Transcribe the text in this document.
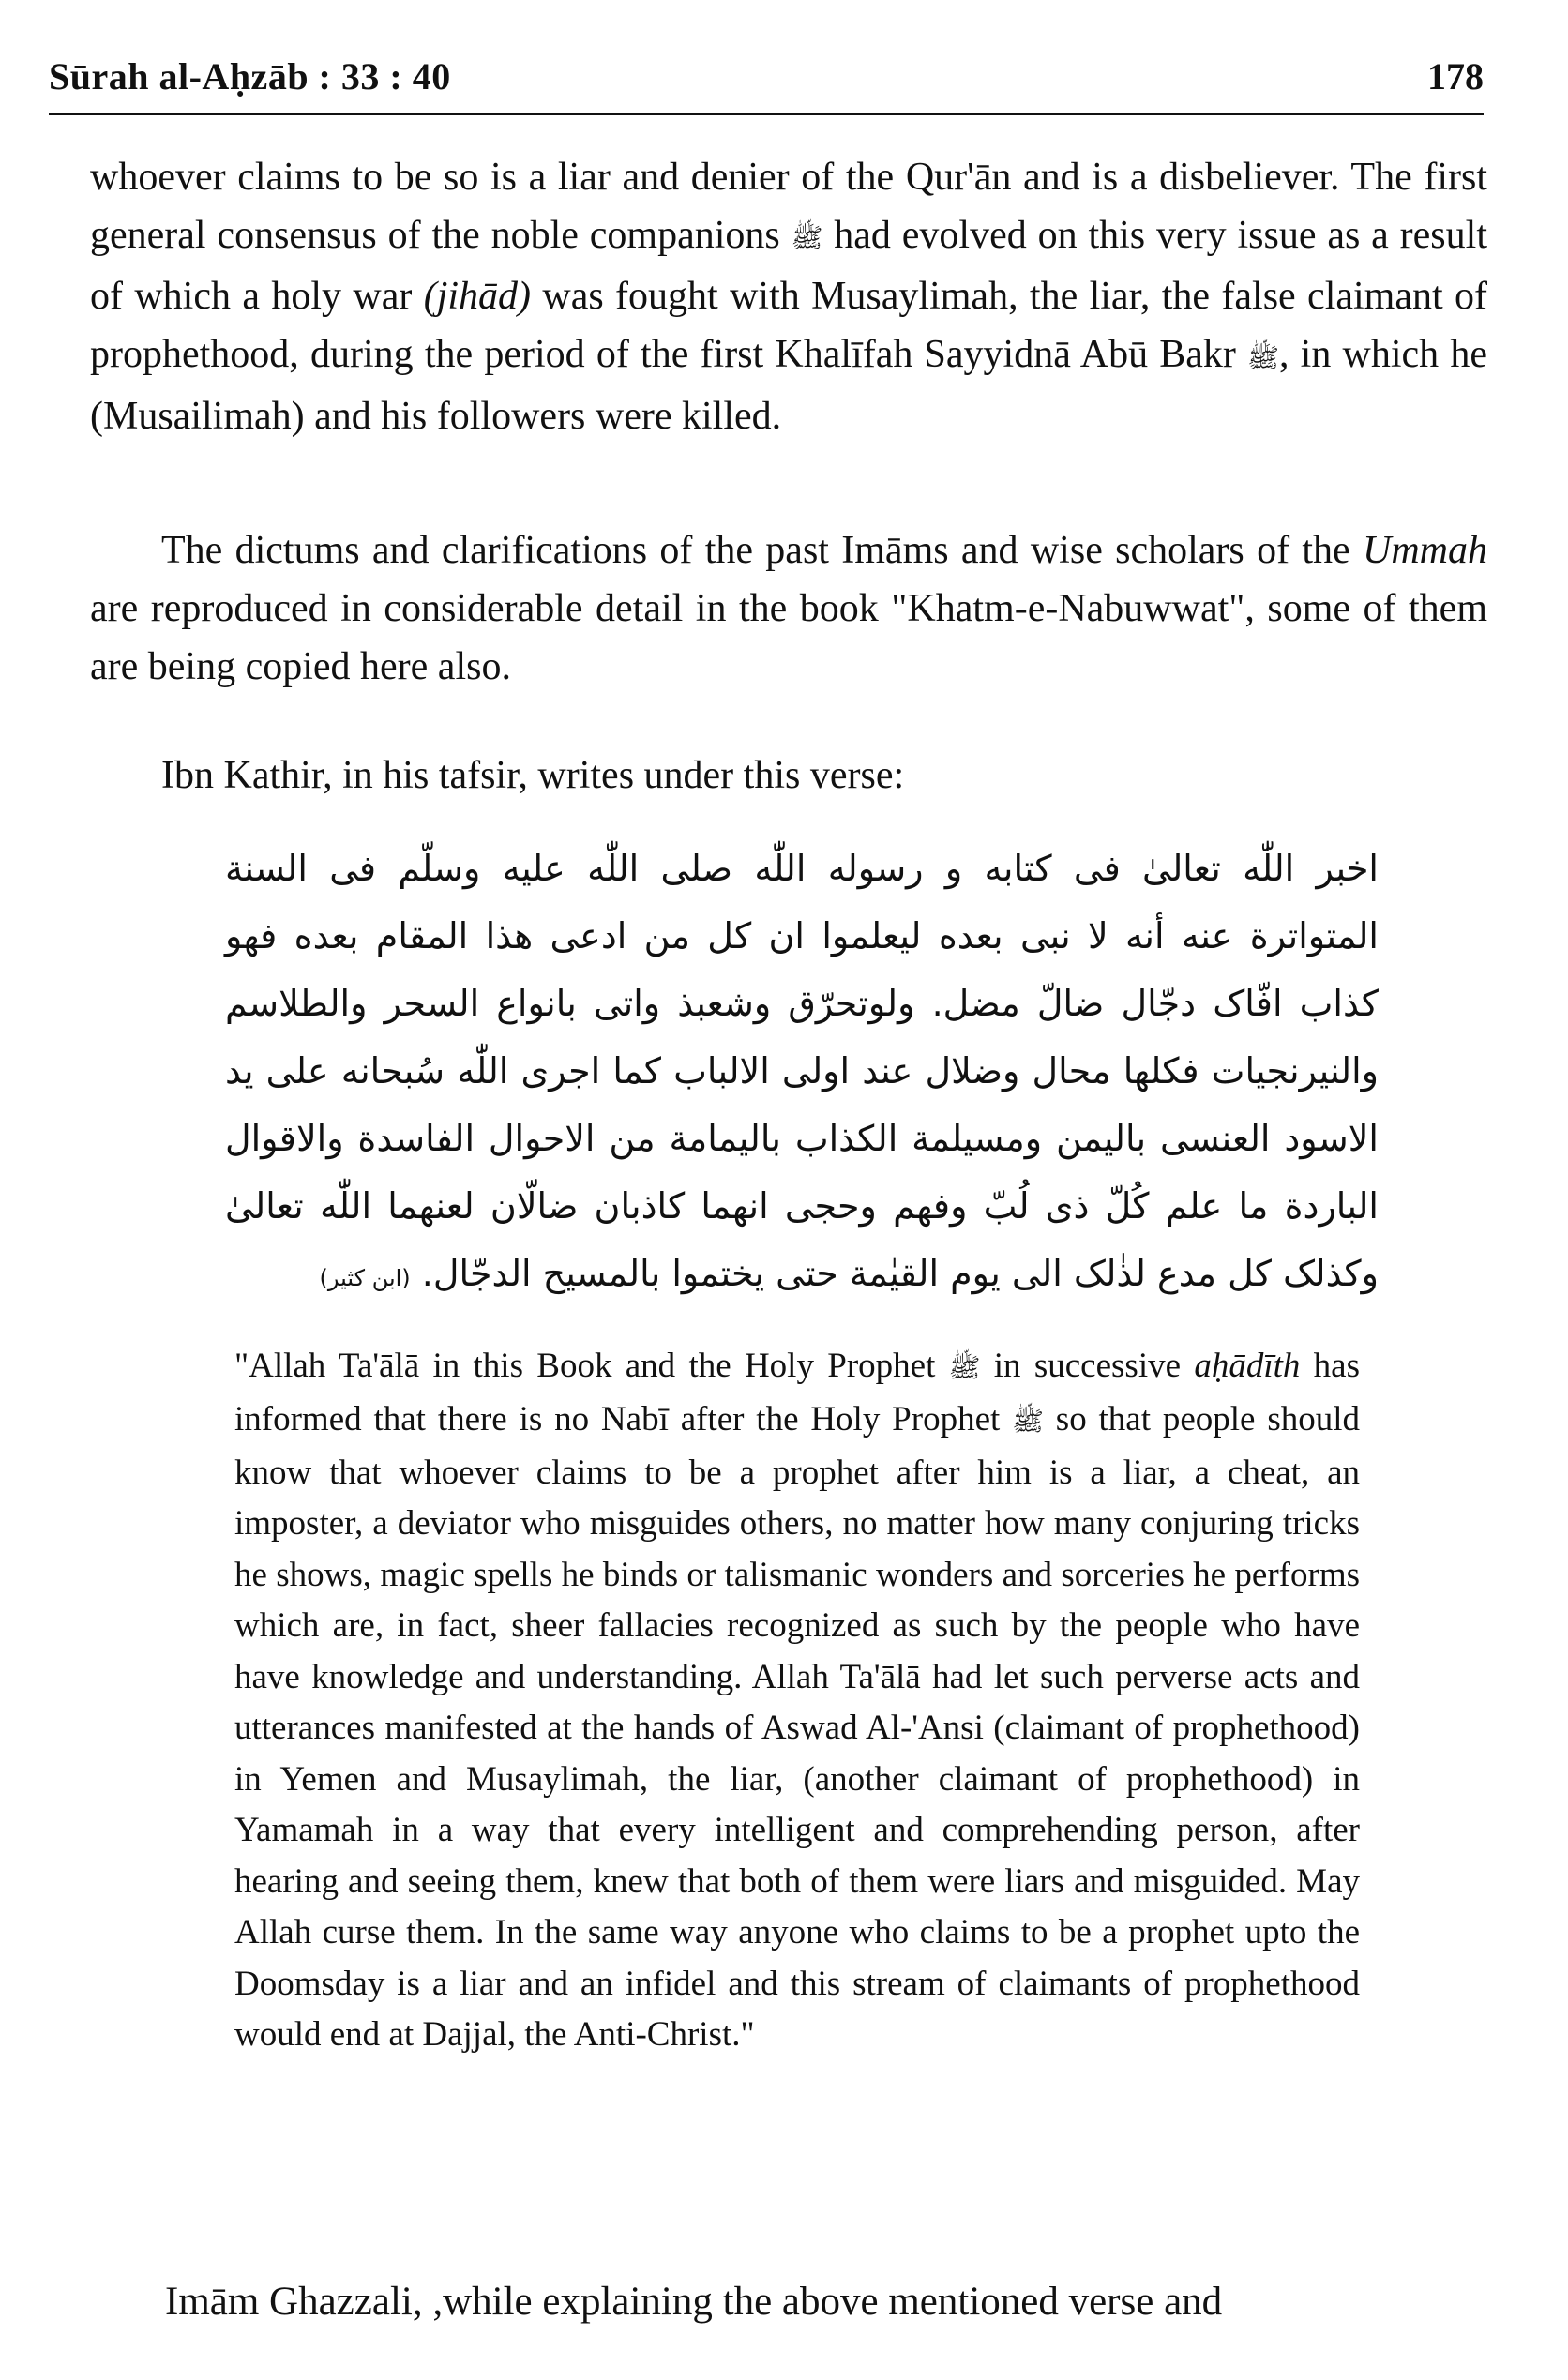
Sūrah al-Aḥzāb : 33 : 40	178

whoever claims to be so is a liar and denier of the Qur'ān and is a disbeliever. The first general consensus of the noble companions ﷺ had evolved on this very issue as a result of which a holy war (jihād) was fought with Musaylimah, the liar, the false claimant of prophethood, during the period of the first Khalīfah Sayyidnā Abū Bakr ﷺ, in which he (Musailimah) and his followers were killed.

The dictums and clarifications of the past Imāms and wise scholars of the Ummah are reproduced in considerable detail in the book "Khatm-e-Nabuwwat", some of them are being copied here also.

Ibn Kathir, in his tafsir, writes under this verse:

اخبر اللّٰه تعالیٰ فی کتابه و رسوله اللّٰه صلی اللّٰه علیه وسلّم فی السنة المتواترة عنه أنه لا نبی بعده لیعلموا ان کل من ادعی هذا المقام بعده فهو کذاب افّاک دجّال ضالّ مضل. ولوتحرّق وشعبذ واتی بانواع السحر والطلاسم والنیرنجیات فکلها محال وضلال عند اولی الالباب کما اجری اللّٰه سُبحانه علی ید الاسود العنسی بالیمن ومسیلمة الکذاب بالیمامة من الاحوال الفاسدة والاقوال الباردة ما علم کُلّ ذی لُبّ وفهم وحجی انهما کاذبان ضالّان لعنهما اللّٰه تعالیٰ وکذلک کل مدع لذٰلک الی یوم القیٰمة حتی یختموا بالمسیح الدجّال. (ابن کثیر)

"Allah Ta'ālā in this Book and the Holy Prophet ﷺ in successive aḥādīth has informed that there is no Nabī after the Holy Prophet ﷺ so that people should know that whoever claims to be a prophet after him is a liar, a cheat, an imposter, a deviator who misguides others, no matter how many conjuring tricks he shows, magic spells he binds or talismanic wonders and sorceries he performs which are, in fact, sheer fallacies recognized as such by the people who have have knowledge and understanding. Allah Ta'ālā had let such perverse acts and utterances manifested at the hands of Aswad Al-'Ansi (claimant of prophethood) in Yemen and Musaylimah, the liar, (another claimant of prophethood) in Yamamah in a way that every intelligent and comprehending person, after hearing and seeing them, knew that both of them were liars and misguided. May Allah curse them. In the same way anyone who claims to be a prophet upto the Doomsday is a liar and an infidel and this stream of claimants of prophethood would end at Dajjal, the Anti-Christ."

Imām Ghazzali, ,while explaining the above mentioned verse and
